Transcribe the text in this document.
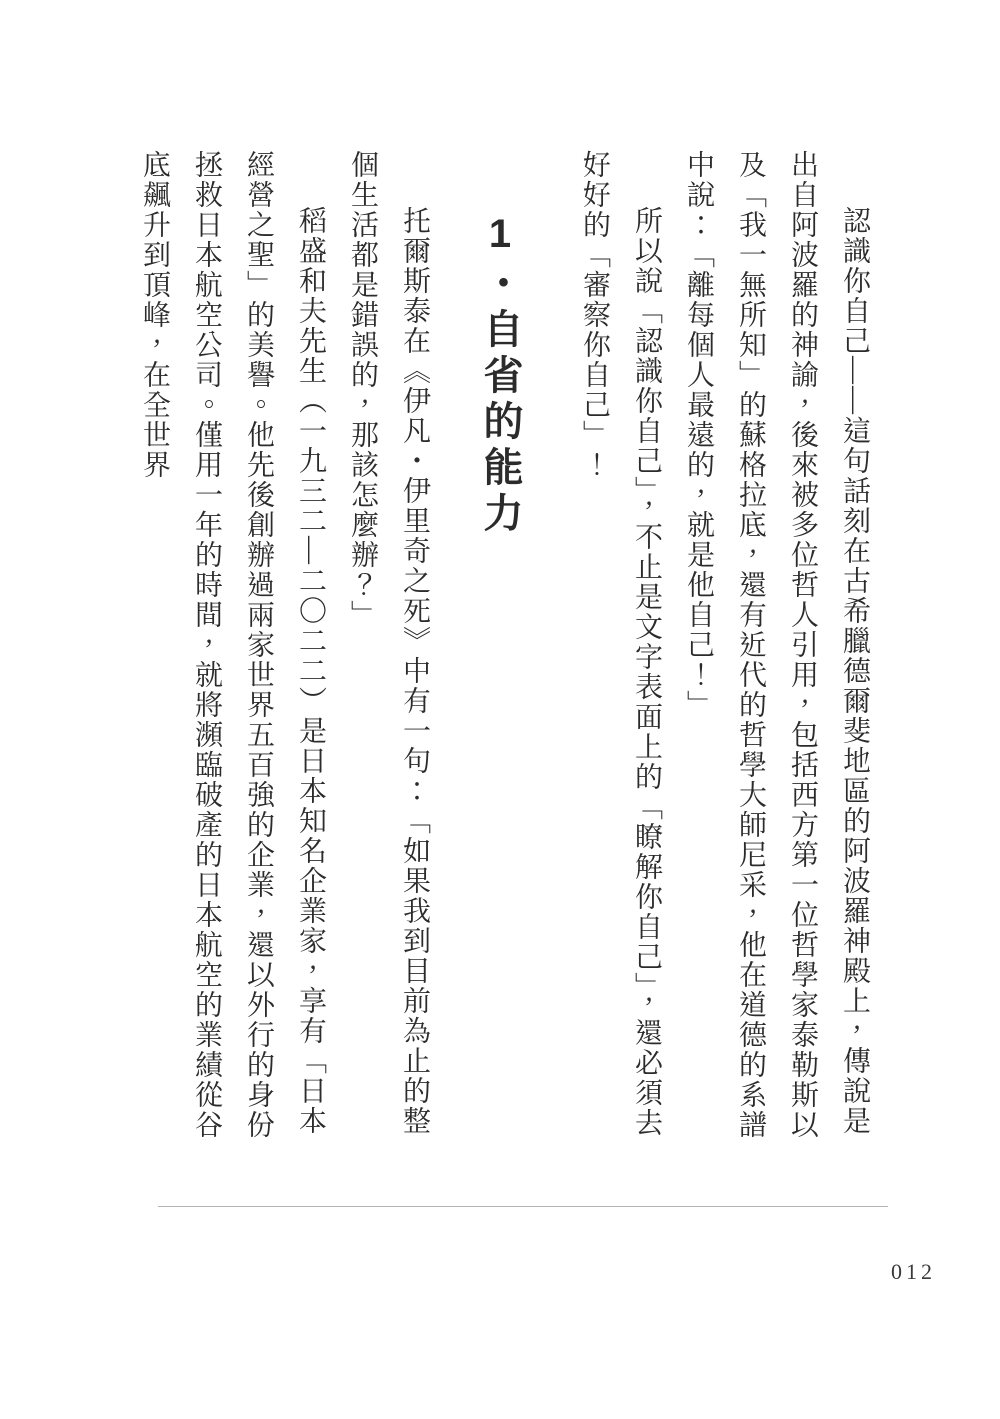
認識你自己——這句話刻在古希臘德爾斐地區的阿波羅神殿上，傳說是出自阿波羅的神諭，後來被多位哲人引用，包括西方第一位哲學家泰勒斯以及「我一無所知」的蘇格拉底，還有近代的哲學大師尼采，他在道德的系譜中說：「離每個人最遠的，就是他自己！」

所以說「認識你自己」，不止是文字表面上的「瞭解你自己」，還必須去好好的「審察你自己」！

1・自省的能力

托爾斯泰在《伊凡・伊里奇之死》中有一句：「如果我到目前為止的整個生活都是錯誤的，那該怎麼辦？」

稻盛和夫先生（一九三二—二〇二二）是日本知名企業家，享有「日本經營之聖」的美譽。他先後創辦過兩家世界五百強的企業，還以外行的身份拯救日本航空公司。僅用一年的時間，就將瀕臨破產的日本航空的業績從谷底飆升到頂峰，在全世界

012
